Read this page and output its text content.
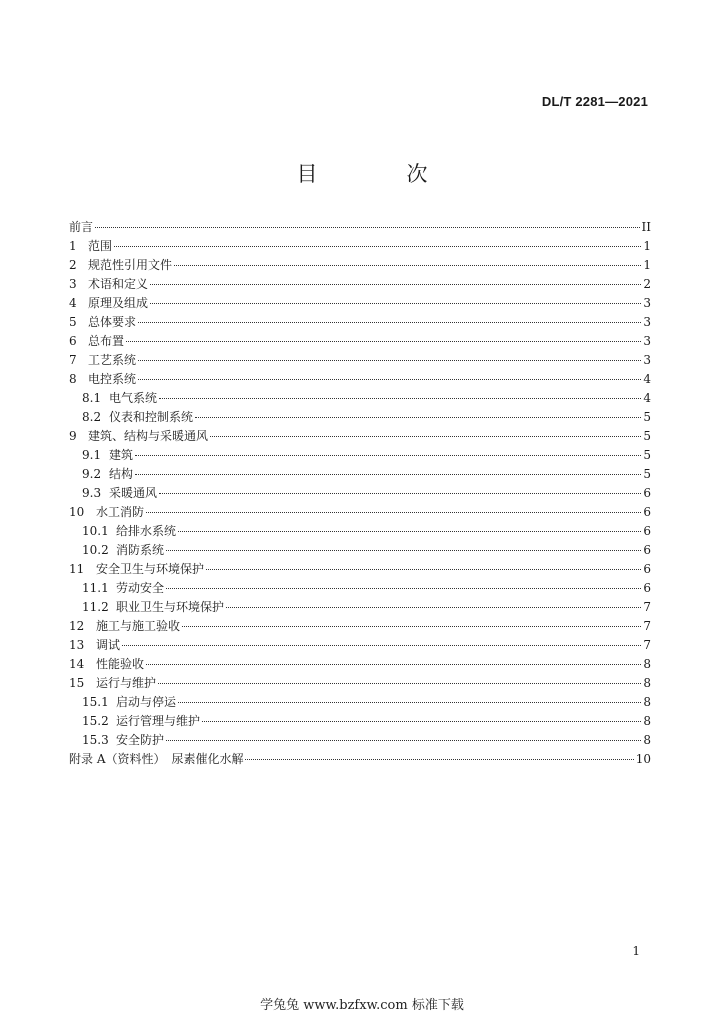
DL/T 2281—2021
目　次
前言	II
1 范围	1
2 规范性引用文件	1
3 术语和定义	2
4 原理及组成	3
5 总体要求	3
6 总布置	3
7 工艺系统	3
8 电控系统	4
8.1 电气系统	4
8.2 仪表和控制系统	5
9 建筑、结构与采暖通风	5
9.1 建筑	5
9.2 结构	5
9.3 采暖通风	6
10 水工消防	6
10.1 给排水系统	6
10.2 消防系统	6
11 安全卫生与环境保护	6
11.1 劳动安全	6
11.2 职业卫生与环境保护	7
12 施工与施工验收	7
13 调试	7
14 性能验收	8
15 运行与维护	8
15.1 启动与停运	8
15.2 运行管理与维护	8
15.3 安全防护	8
附录 A（资料性）　尿素催化水解	10
1
学兔兔 www.bzfxw.com 标准下载
